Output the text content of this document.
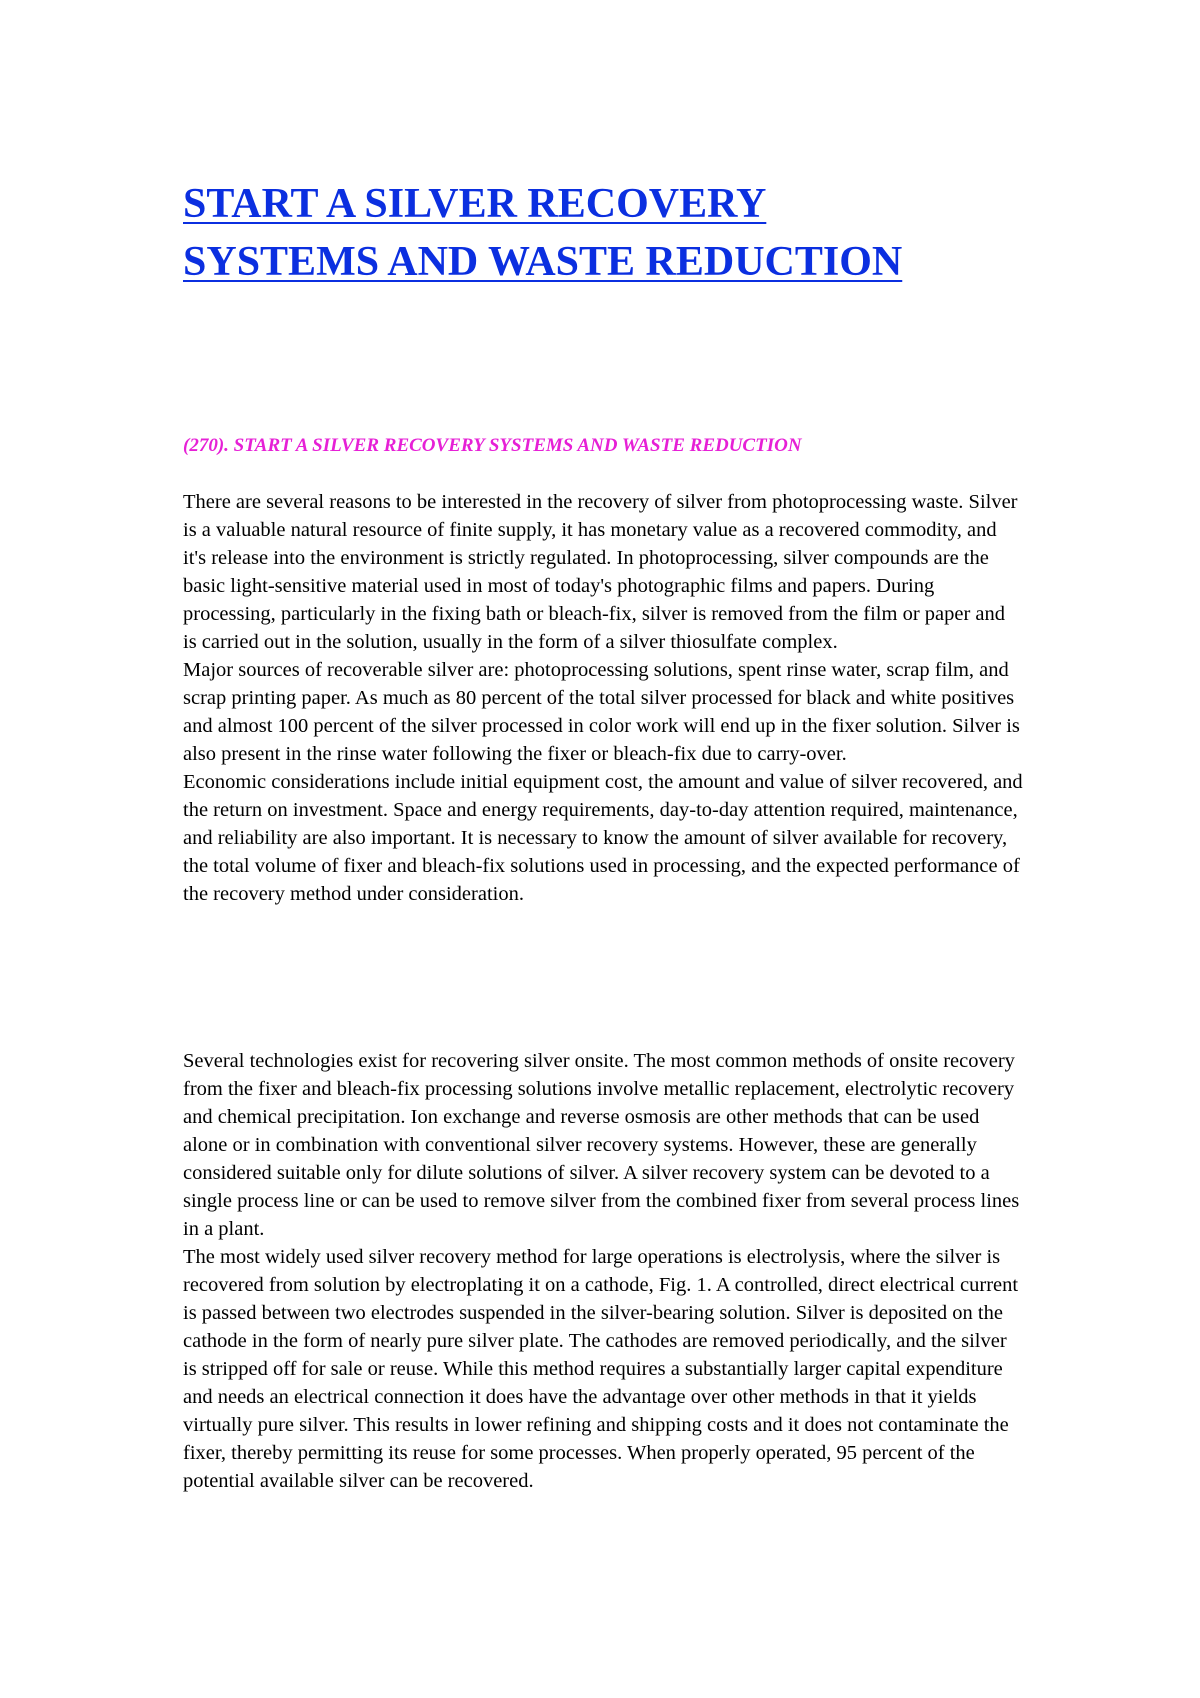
START A SILVER RECOVERY
SYSTEMS AND WASTE REDUCTION
(270). START A SILVER RECOVERY SYSTEMS AND WASTE REDUCTION

There are several reasons to be interested in the recovery of silver from photoprocessing waste. Silver is a valuable natural resource of finite supply, it has monetary value as a recovered commodity, and it's release into the environment is strictly regulated. In photoprocessing, silver compounds are the basic light-sensitive material used in most of today's photographic films and papers. During processing, particularly in the fixing bath or bleach-fix, silver is removed from the film or paper and is carried out in the solution, usually in the form of a silver thiosulfate complex.

Major sources of recoverable silver are: photoprocessing solutions, spent rinse water, scrap film, and scrap printing paper. As much as 80 percent of the total silver processed for black and white positives and almost 100 percent of the silver processed in color work will end up in the fixer solution. Silver is also present in the rinse water following the fixer or bleach-fix due to carry-over.

Economic considerations include initial equipment cost, the amount and value of silver recovered, and the return on investment. Space and energy requirements, day-to-day attention required, maintenance, and reliability are also important. It is necessary to know the amount of silver available for recovery, the total volume of fixer and bleach-fix solutions used in processing, and the expected performance of the recovery method under consideration.

Several technologies exist for recovering silver onsite. The most common methods of onsite recovery from the fixer and bleach-fix processing solutions involve metallic replacement, electrolytic recovery and chemical precipitation. Ion exchange and reverse osmosis are other methods that can be used alone or in combination with conventional silver recovery systems. However, these are generally considered suitable only for dilute solutions of silver. A silver recovery system can be devoted to a single process line or can be used to remove silver from the combined fixer from several process lines in a plant.

The most widely used silver recovery method for large operations is electrolysis, where the silver is recovered from solution by electroplating it on a cathode, Fig. 1. A controlled, direct electrical current is passed between two electrodes suspended in the silver-bearing solution. Silver is deposited on the cathode in the form of nearly pure silver plate. The cathodes are removed periodically, and the silver is stripped off for sale or reuse. While this method requires a substantially larger capital expenditure and needs an electrical connection it does have the advantage over other methods in that it yields virtually pure silver. This results in lower refining and shipping costs and it does not contaminate the fixer, thereby permitting its reuse for some processes. When properly operated, 95 percent of the potential available silver can be recovered.
